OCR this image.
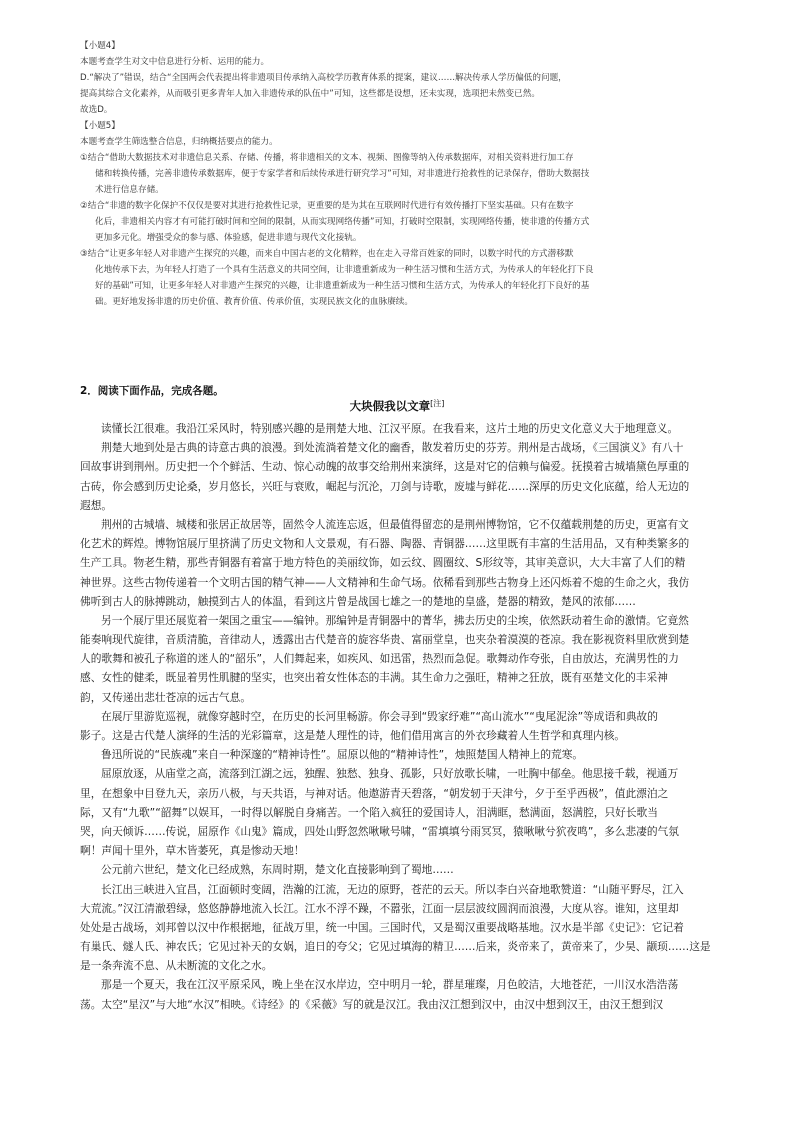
【小题4】
本题考查学生对文中信息进行分析、运用的能力。
D.“解决了”错误，结合“全国两会代表提出将非遗项目传承纳入高校学历教育体系的提案，建议……解决传承人学历偏低的问题，
提高其综合文化素养，从而吸引更多青年人加入非遗传承的队伍中”可知，这些都是设想，还未实现，选项把未然变已然。
故选D。
【小题5】
本题考查学生筛选整合信息，归纳概括要点的能力。
①结合“借助大数据技术对非遗信息关系、存储、传播，将非遗相关的文本、视频、图像等纳入传承数据库，对相关资料进行加工存
储和转换传播，完善非遗传承数据库，便于专家学者和后续传承进行研究学习”可知，对非遗进行抢救性的记录保存，借助大数据技
术进行信息存储。
②结合“非遗的数字化保护不仅仅是要对其进行抢救性记录，更重要的是为其在互联网时代进行有效传播打下坚实基础。只有在数字
化后，非遗相关内容才有可能打破时间和空间的限制，从而实现网络传播”可知，打破时空限制，实现网络传播，使非遗的传播方式
更加多元化。增强受众的参与感、体验感，促进非遗与现代文化接轨。
③结合“让更多年轻人对非遗产生探究的兴趣，而来自中国古老的文化精粹，也在走入寻常百姓家的同时，以数字时代的方式潜移默
化地传承下去，为年轻人打造了一个具有生活意义的共同空间，让非遗重新成为一种生活习惯和生活方式，为传承人的年轻化打下良
好的基础”可知，让更多年轻人对非遗产生探究的兴趣，让非遗重新成为一种生活习惯和生活方式，为传承人的年轻化打下良好的基
础。更好地发扬非遗的历史价值、教育价值、传承价值，实现民族文化的血脉赓续。
2．阅读下面作品，完成各题。
大块假我以文章[注]
读懂长江很难。我沿江采风时，特别感兴趣的是荆楚大地、江汉平原。在我看来，这片土地的历史文化意义大于地理意义。
荆楚大地到处是古典的诗意古典的浪漫。到处流淌着楚文化的幽香，散发着历史的芬芳。荆州是古战场，《三国演义》有八十
回故事讲到荆州。历史把一个个鲜活、生动、惊心动魄的故事交给荆州来演绎，这是对它的信赖与偏爱。抚摸着古城墙黛色厚重的
古砖，你会感到历史论桑，岁月悠长，兴旺与衰败，崛起与沉沦，刀剑与诗歌，废墟与鲜花……深厚的历史文化底蕴，给人无边的
遐想。
荆州的古城墙、城楼和张居正故居等，固然令人流连忘返，但最值得留恋的是荆州博物馆，它不仅蕴载荆楚的历史，更富有文
化艺术的辉煌。博物馆展厅里挤满了历史文物和人文景观，有石器、陶器、青铜器……这里既有丰富的生活用品，又有种类繁多的
生产工具。物老生精，那些青铜器有着富于地方特色的美丽纹饰，如云纹、圆圈纹、S形纹等，其审美意识，大大丰富了人们的精
神世界。这些古物传递着一个文明古国的精气神——人文精神和生命气场。依稀看到那些古物身上还闪烁着不熄的生命之火，我仿
佛听到古人的脉搏跳动，触摸到古人的体温，看到这片曾是战国七雄之一的楚地的皇盛，楚器的精致，楚风的浓郁……
另一个展厅里还展览着一架国之重宝——编钟。那编钟是青铜器中的菁华，拂去历史的尘埃，依然跃动着生命的激情。它竟然
能奏响现代旋律，音质清脆，音律动人，透露出古代楚音的旋容华贵、富丽堂皇，也夹杂着漠漠的苍凉。我在影视资料里欣赏到楚
人的歌舞和被孔子称道的迷人的“韶乐”，人们舞起来，如疾风、如迅雷，热烈而急促。歌舞动作夸张，自由放达，充满男性的力
感、女性的健柔，既显着男性肌腱的坚实，也突出着女性体态的丰满。其生命力之强旺，精神之狂放，既有巫楚文化的丰采神
韵，又传递出悲壮苍凉的远古气息。
在展厅里游览巡视，就像穿越时空，在历史的长河里畅游。你会寻到“毁家纾难”“高山流水”“曳尾泥涂”等成语和典故的
影子。这是古代楚人演绎的生活的光彩篇章，这是楚人理性的诗，他们借用寓言的外衣珍藏着人生哲学和真理内核。
鲁迅所说的“民族魂”来自一种深邃的“精神诗性”。屈原以他的“精神诗性”，烛照楚国人精神上的荒寒。
屈原放逐，从庙堂之高，流落到江湖之远，独醒、独愁、独身、孤影，只好放歌长啸，一吐胸中郁垒。他思接千载，视通万
里，在想象中目登九天，亲历八极，与天共语，与神对话。他遨游青天碧落，“朝发轫于天津兮，夕于至乎西极”，值此漂泊之
际，又有“九歌”“韶舞”以娱耳，一时得以解脱自身痛苦。一个陷入疯狂的爱国诗人，泪满眶，愁满面，怒满腔，只好长歌当
哭，向天倾诉……传说，屈原作《山鬼》篇成，四处山野忽然啾啾号啸，“雷填填兮雨冥冥，猿啾啾兮狖夜鸣”，多么悲凄的气氛
啊！声闻十里外，草木皆萎死，真是惨动天地！
公元前六世纪，楚文化已经成熟，东周时期，楚文化直接影响到了蜀地……
长江出三峡进入宜昌，江面顿时变阔，浩瀚的江流，无边的原野，苍茫的云天。所以李白兴奋地歌赞道：“山随平野尽，江入
大荒流。”汉江清澈碧绿，悠悠静静地流入长江。江水不浮不躁，不嚣张，江面一层层波纹圆润而浪漫，大度从容。谁知，这里却
处处是古战场，刘邦曾以汉中作根据地，征战万里，统一中国。三国时代，又是蜀汉重要战略基地。汉水是半部《史记》：它记着
有巢氏、燧人氏、神农氏；它见过补天的女娲，追日的夸父；它见过填海的精卫……后来，炎帝来了，黄帝来了，少昊、颛顼……这是
是一条奔流不息、从未断流的文化之水。
那是一个夏天，我在江汉平原采风，晚上坐在汉水岸边，空中明月一轮，群星璀璨，月色皎洁，大地苍茫，一川汉水浩浩荡
荡。太空“星汉”与大地“水汉”相映。《诗经》的《采薇》写的就是汉江。我由汉江想到汉中，由汉中想到汉王，由汉王想到汉
